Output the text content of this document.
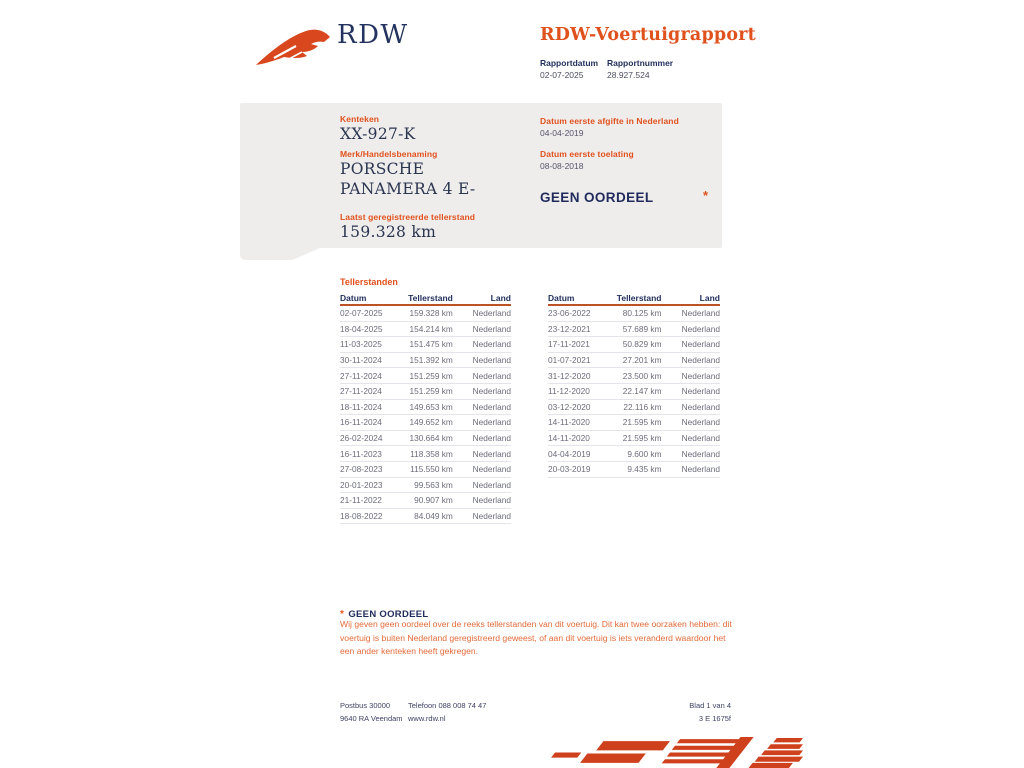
RDW	RDW-Voertuigrapport
Rapportdatum Rapportnummer
02-07-2025	28.927.524
Kenteken
XX-927-K
Merk/Handelsbenaming
PORSCHE
PANAMERA 4 E-
Laatst geregistreerde tellerstand
159.328 km
Datum eerste afgifte in Nederland
04-04-2019
Datum eerste toelating
08-08-2018
GEEN OORDEEL	*
Tellerstanden
Datum	Tellerstand	Land
02-07-2025	159.328 km	Nederland
18-04-2025	154.214 km	Nederland
11-03-2025	151.475 km	Nederland
30-11-2024	151.392 km	Nederland
27-11-2024	151.259 km	Nederland
27-11-2024	151.259 km	Nederland
18-11-2024	149.653 km	Nederland
16-11-2024	149.652 km	Nederland
26-02-2024	130.664 km	Nederland
16-11-2023	118.358 km	Nederland
27-08-2023	115.550 km	Nederland
20-01-2023	99.563 km	Nederland
21-11-2022	90.907 km	Nederland
18-08-2022	84.049 km	Nederland
Datum	Tellerstand	Land
23-06-2022	80.125 km	Nederland
23-12-2021	57.689 km	Nederland
17-11-2021	50.829 km	Nederland
01-07-2021	27.201 km	Nederland
31-12-2020	23.500 km	Nederland
11-12-2020	22.147 km	Nederland
03-12-2020	22.116 km	Nederland
14-11-2020	21.595 km	Nederland
14-11-2020	21.595 km	Nederland
04-04-2019	9.600 km	Nederland
20-03-2019	9.435 km	Nederland
* GEEN OORDEEL
Wij geven geen oordeel over de reeks tellerstanden van dit voertuig. Dit kan twee oorzaken hebben: dit voertuig is buiten Nederland geregistreerd geweest, of aan dit voertuig is iets veranderd waardoor het een ander kenteken heeft gekregen.
Postbus 30000
9640 RA Veendam
Telefoon 088 008 74 47
www.rdw.nl
Blad 1 van 4
3 E 1675f
